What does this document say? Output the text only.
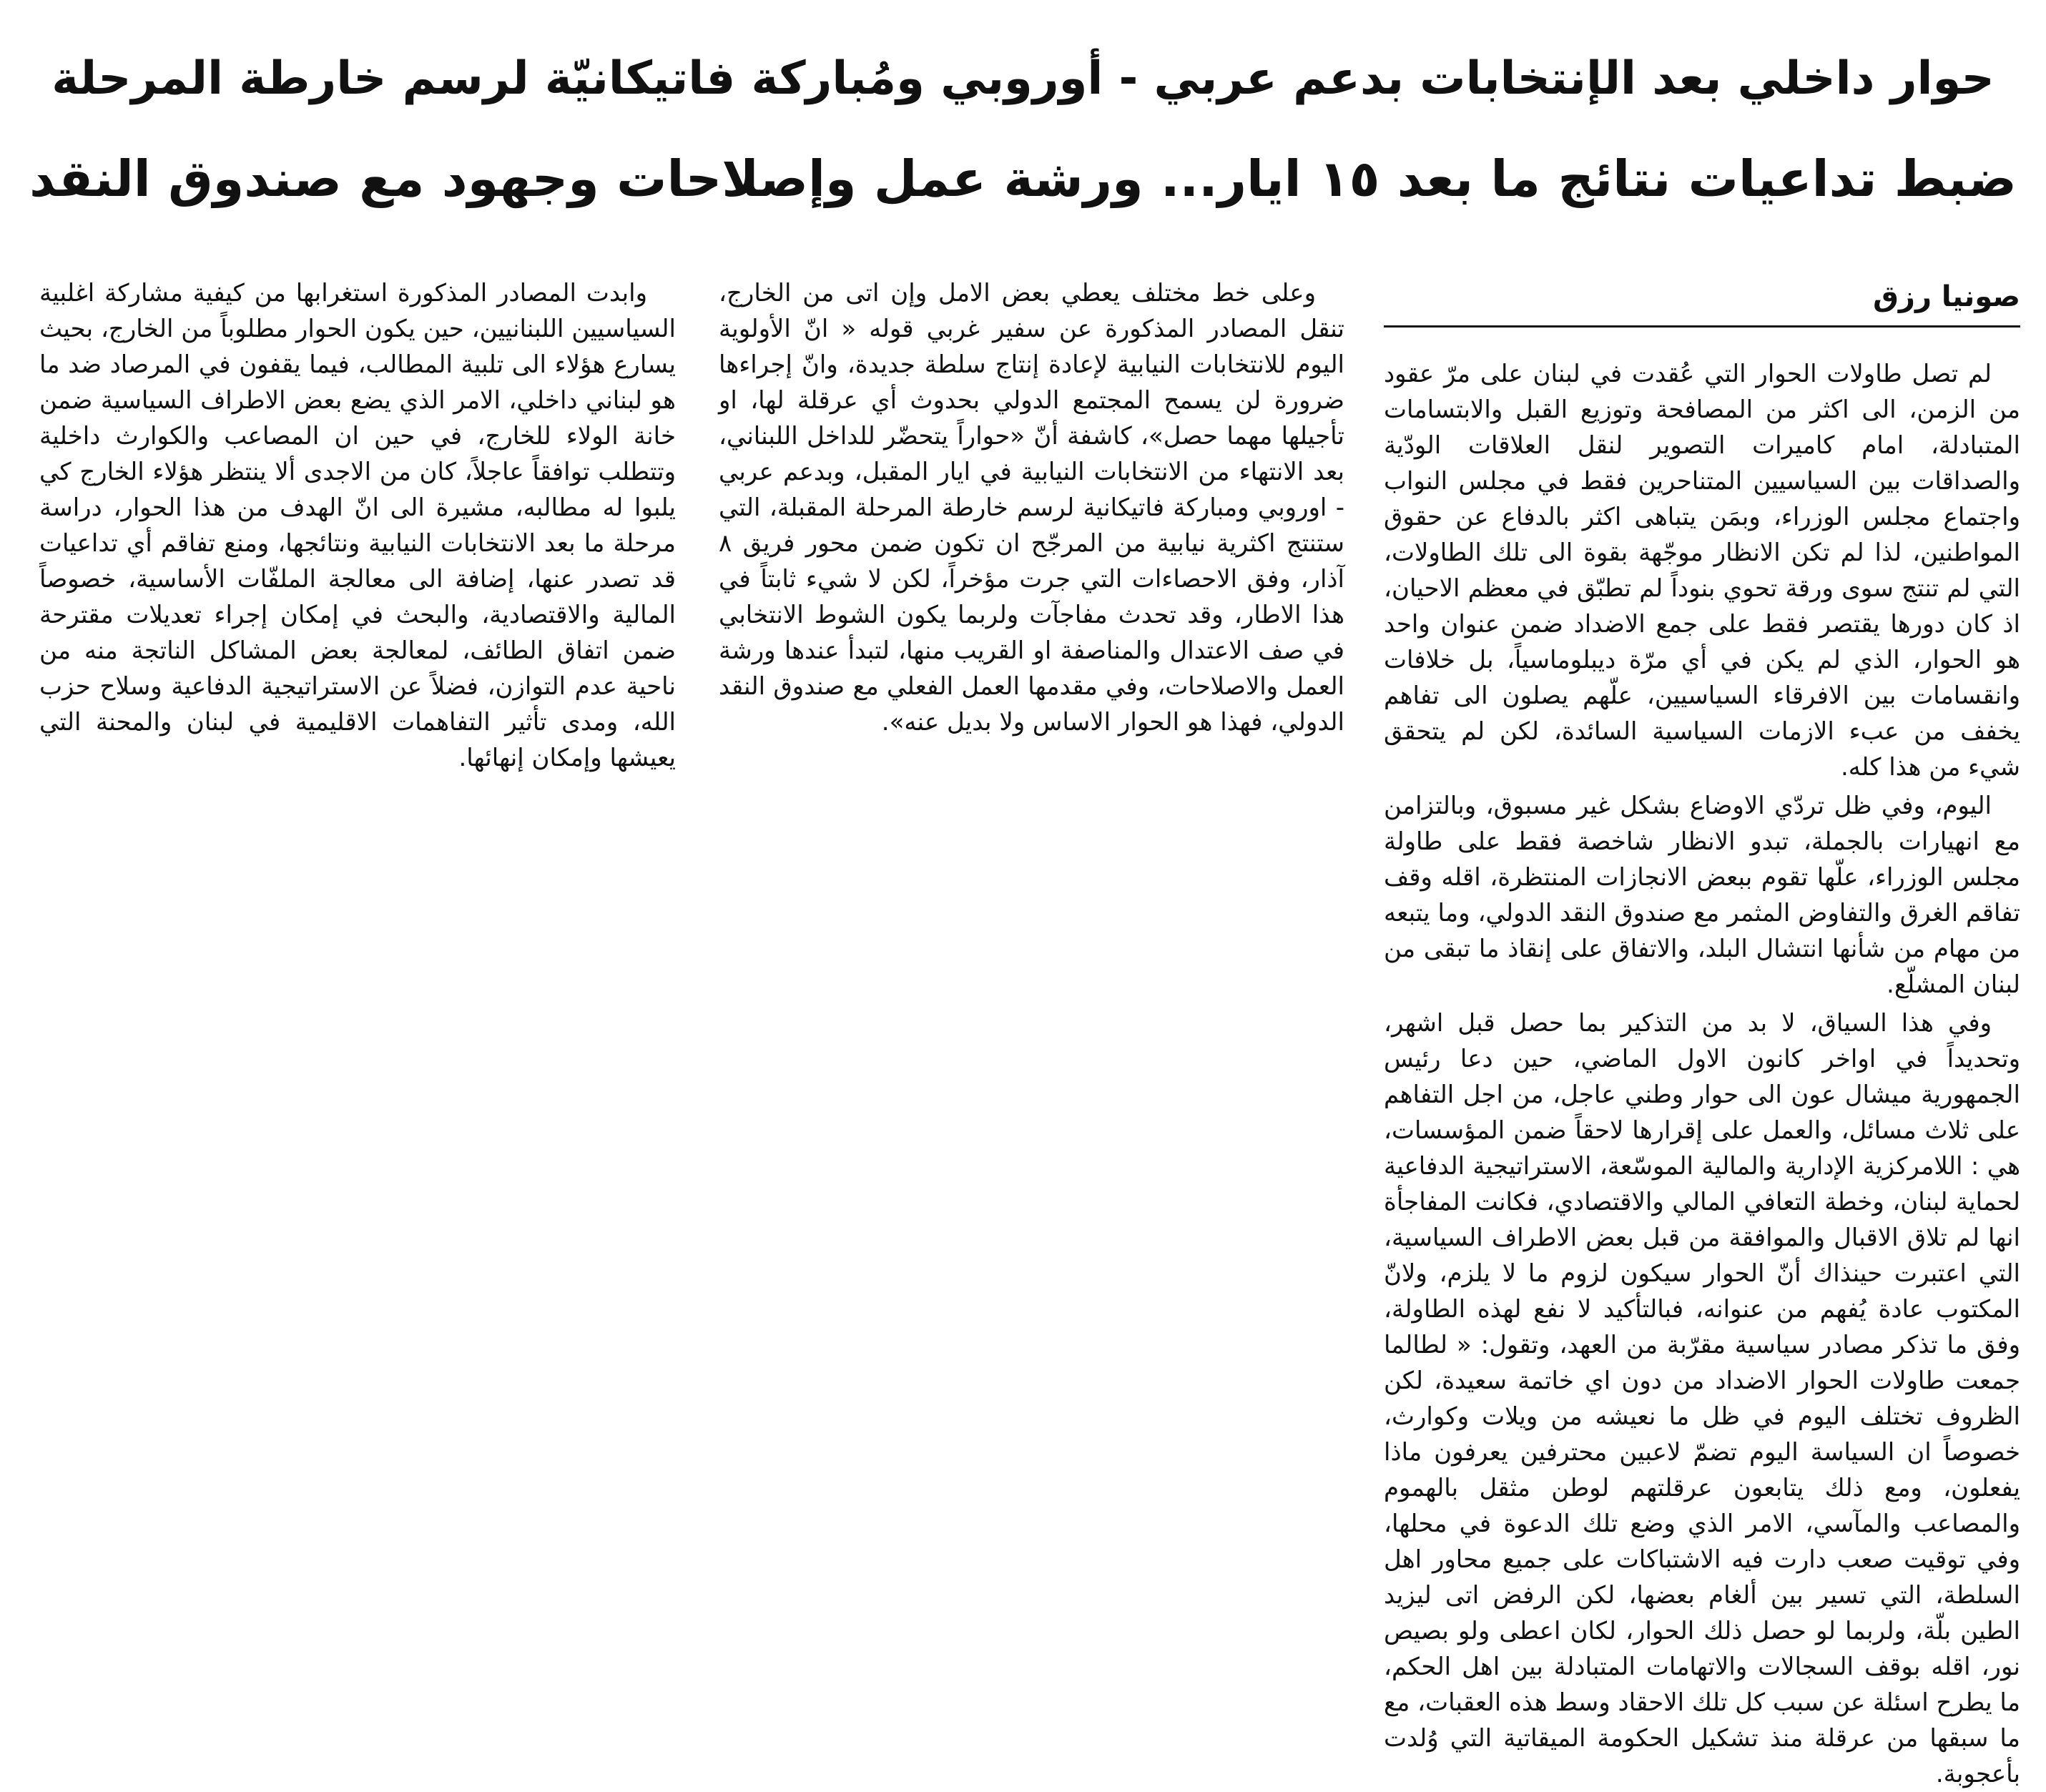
حوار داخلي بعد الإنتخابات بدعم عربي - أوروبي ومُباركة فاتيكانيّة لرسم خارطة المرحلة
ضبط تداعيات نتائج ما بعد ١٥ ايار... ورشة عمل وإصلاحات وجهود مع صندوق النقد
صونيا رزق

لم تصل طاولات الحوار التي عُقدت في لبنان على مرّ عقود من الزمن، الى اكثر من المصافحة وتوزيع القبل والابتسامات المتبادلة، امام كاميرات التصوير لنقل العلاقات الودّية والصداقات بين السياسيين المتناحرين فقط في مجلس النواب واجتماع مجلس الوزراء، وبمَن يتباهى اكثر بالدفاع عن حقوق المواطنين، لذا لم تكن الانظار موجّهة بقوة الى تلك الطاولات، التي لم تنتج سوى ورقة تحوي بنوداً لم تطبّق في معظم الاحيان، اذ كان دورها يقتصر فقط على جمع الاضداد ضمن عنوان واحد هو الحوار، الذي لم يكن في أي مرّة ديبلوماسياً، بل خلافات وانقسامات بين الافرقاء السياسيين، علّهم يصلون الى تفاهم يخفف من عبء الازمات السياسية السائدة، لكن لم يتحقق شيء من هذا كله.

اليوم، وفي ظل تردّي الاوضاع بشكل غير مسبوق، وبالتزامن مع انهيارات بالجملة، تبدو الانظار شاخصة فقط على طاولة مجلس الوزراء، علّها تقوم ببعض الانجازات المنتظرة، اقله وقف تفاقم الغرق والتفاوض المثمر مع صندوق النقد الدولي، وما يتبعه من مهام من شأنها انتشال البلد، والاتفاق على إنقاذ ما تبقى من لبنان المشلّع.

وفي هذا السياق، لا بد من التذكير بما حصل قبل اشهر، وتحديداً في اواخر كانون الاول الماضي، حين دعا رئيس الجمهورية ميشال عون الى حوار وطني عاجل، من اجل التفاهم على ثلاث مسائل، والعمل على إقرارها لاحقاً ضمن المؤسسات، هي : اللامركزية الإدارية والمالية الموسّعة، الاستراتيجية الدفاعية لحماية لبنان، وخطة التعافي المالي والاقتصادي، فكانت المفاجأة انها لم تلاق الاقبال والموافقة من قبل بعض الاطراف السياسية، التي اعتبرت حينذاك أنّ الحوار سيكون لزوم ما لا يلزم، ولانّ المكتوب عادة يُفهم من عنوانه، فبالتأكيد لا نفع لهذه الطاولة، وفق ما تذكر مصادر سياسية مقرّبة من العهد، وتقول: « لطالما جمعت طاولات الحوار الاضداد من دون اي خاتمة سعيدة، لكن الظروف تختلف اليوم في ظل ما نعيشه من ويلات وكوارث، خصوصاً ان السياسة اليوم تضمّ لاعبين محترفين يعرفون ماذا يفعلون، ومع ذلك يتابعون عرقلتهم لوطن مثقل بالهموم والمصاعب والمآسي، الامر الذي وضع تلك الدعوة في محلها، وفي توقيت صعب دارت فيه الاشتباكات على جميع محاور اهل السلطة، التي تسير بين ألغام بعضها، لكن الرفض اتى ليزيد الطين بلّة، ولربما لو حصل ذلك الحوار، لكان اعطى ولو بصيص نور، اقله بوقف السجالات والاتهامات المتبادلة بين اهل الحكم، ما يطرح اسئلة عن سبب كل تلك الاحقاد وسط هذه العقبات، مع ما سبقها من عرقلة منذ تشكيل الحكومة الميقاتية التي وُلدت بأعجوبة.

وعلى خط مختلف يعطي بعض الامل وإن اتى من الخارج، تنقل المصادر المذكورة عن سفير غربي قوله « انّ الأولوية اليوم للانتخابات النيابية لإعادة إنتاج سلطة جديدة، وانّ إجراءها ضرورة لن يسمح المجتمع الدولي بحدوث أي عرقلة لها، او تأجيلها مهما حصل»، كاشفة أنّ «حواراً يتحضّر للداخل اللبناني، بعد الانتهاء من الانتخابات النيابية في ايار المقبل، وبدعم عربي - اوروبي ومباركة فاتيكانية لرسم خارطة المرحلة المقبلة، التي ستنتج اكثرية نيابية من المرجّح ان تكون ضمن محور فريق ٨ آذار، وفق الاحصاءات التي جرت مؤخراً، لكن لا شيء ثابتاً في هذا الاطار، وقد تحدث مفاجآت ولربما يكون الشوط الانتخابي في صف الاعتدال والمناصفة او القريب منها، لتبدأ عندها ورشة العمل والاصلاحات، وفي مقدمها العمل الفعلي مع صندوق النقد الدولي، فهذا هو الحوار الاساس ولا بديل عنه».

وابدت المصادر المذكورة استغرابها من كيفية مشاركة اغلبية السياسيين اللبنانيين، حين يكون الحوار مطلوباً من الخارج، بحيث يسارع هؤلاء الى تلبية المطالب، فيما يقفون في المرصاد ضد ما هو لبناني داخلي، الامر الذي يضع بعض الاطراف السياسية ضمن خانة الولاء للخارج، في حين ان المصاعب والكوارث داخلية وتتطلب توافقاً عاجلاً، كان من الاجدى ألا ينتظر هؤلاء الخارج كي يلبوا له مطالبه، مشيرة الى انّ الهدف من هذا الحوار، دراسة مرحلة ما بعد الانتخابات النيابية ونتائجها، ومنع تفاقم أي تداعيات قد تصدر عنها، إضافة الى معالجة الملفّات الأساسية، خصوصاً المالية والاقتصادية، والبحث في إمكان إجراء تعديلات مقترحة ضمن اتفاق الطائف، لمعالجة بعض المشاكل الناتجة منه من ناحية عدم التوازن، فضلاً عن الاستراتيجية الدفاعية وسلاح حزب الله، ومدى تأثير التفاهمات الاقليمية في لبنان والمحنة التي يعيشها وإمكان إنهائها.
